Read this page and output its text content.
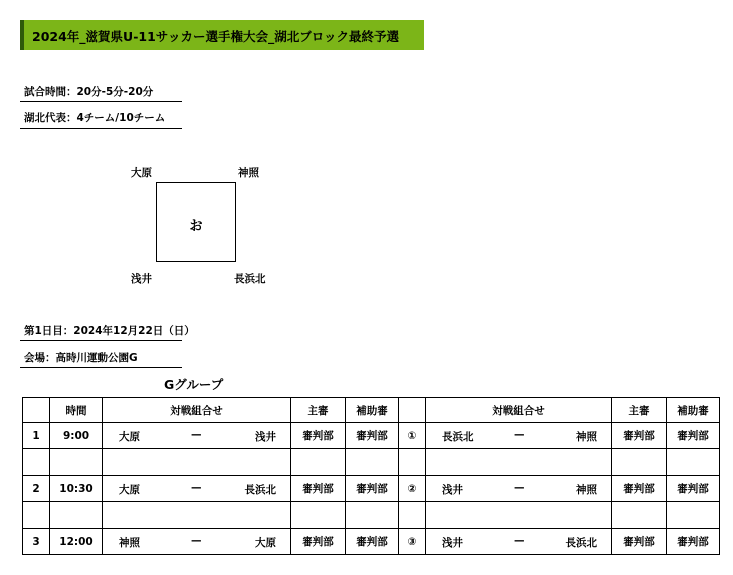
2024年_滋賀県U-11サッカー選手権大会_湖北ブロック最終予選
試合時間：20分-5分-20分
湖北代表：4チーム/10チーム
大原	神照
お
浅井	長浜北
第1日目：2024年12月22日（日）
会場：高時川運動公園G
Gグループ
	時間	対戦組合せ	主審	補助審		対戦組合せ	主審	補助審
1	9:00	大原 — 浅井	審判部	審判部	①	長浜北 — 神照	審判部	審判部

2	10:30	大原 — 長浜北	審判部	審判部	②	浅井 — 神照	審判部	審判部

3	12:00	神照 — 大原	審判部	審判部	③	浅井 — 長浜北	審判部	審判部
